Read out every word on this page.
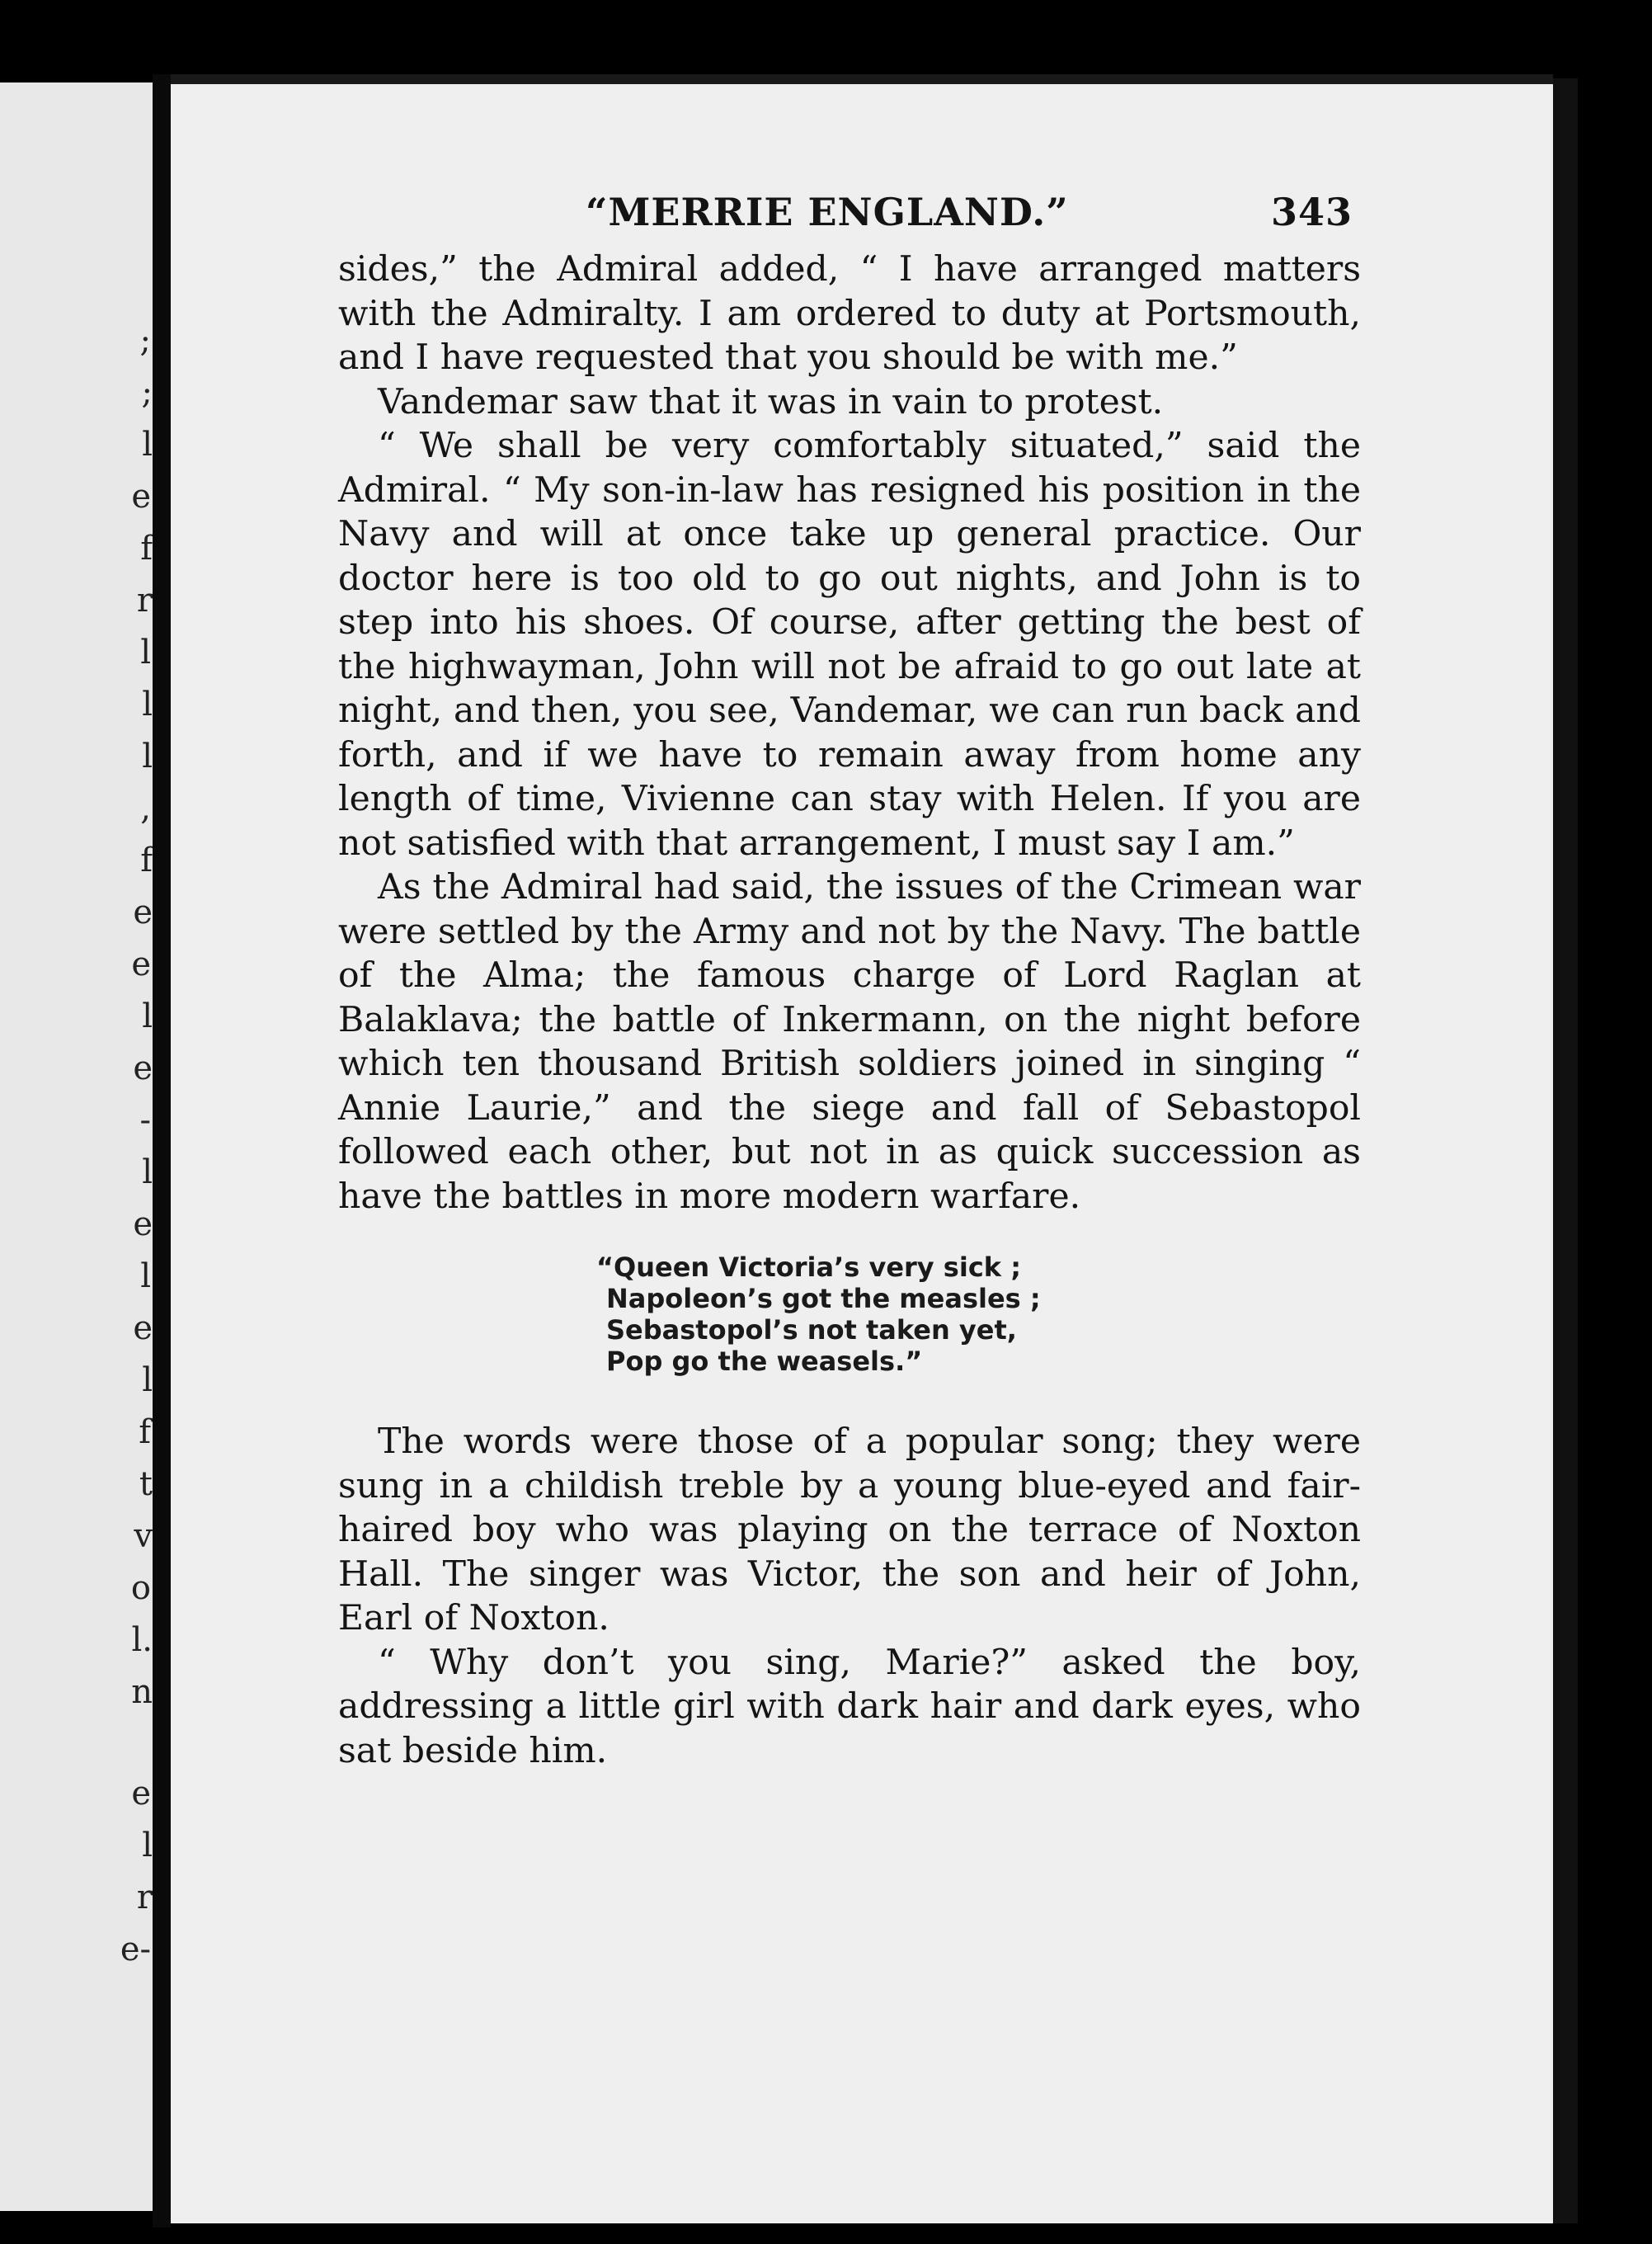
;
;
l
e
f
r
l
l
l
,
f
e
e
l
e
-
l
e
l
e
l
f
t
v
o
l.
n
e
l
r
e-
“MERRIE ENGLAND.”	343

sides,” the Admiral added, “ I have arranged matters with the Admiralty. I am ordered to duty at Portsmouth, and I have requested that you should be with me.”

Vandemar saw that it was in vain to protest.

“ We shall be very comfortably situated,” said the Admiral. “ My son-in-law has resigned his position in the Navy and will at once take up general practice. Our doctor here is too old to go out nights, and John is to step into his shoes. Of course, after getting the best of the highwayman, John will not be afraid to go out late at night, and then, you see, Vandemar, we can run back and forth, and if we have to remain away from home any length of time, Vivienne can stay with Helen. If you are not satisfied with that arrangement, I must say I am.”

As the Admiral had said, the issues of the Crimean war were settled by the Army and not by the Navy. The battle of the Alma; the famous charge of Lord Raglan at Balaklava; the battle of Inkermann, on the night before which ten thousand British soldiers joined in singing “ Annie Laurie,” and the siege and fall of Sebastopol followed each other, but not in as quick succession as have the battles in more modern warfare.

“Queen Victoria’s very sick ;
Napoleon’s got the measles ;
Sebastopol’s not taken yet,
Pop go the weasels.”

The words were those of a popular song; they were sung in a childish treble by a young blue-eyed and fair-haired boy who was playing on the terrace of Noxton Hall. The singer was Victor, the son and heir of John, Earl of Noxton.

“ Why don’t you sing, Marie?” asked the boy, addressing a little girl with dark hair and dark eyes, who sat beside him.
